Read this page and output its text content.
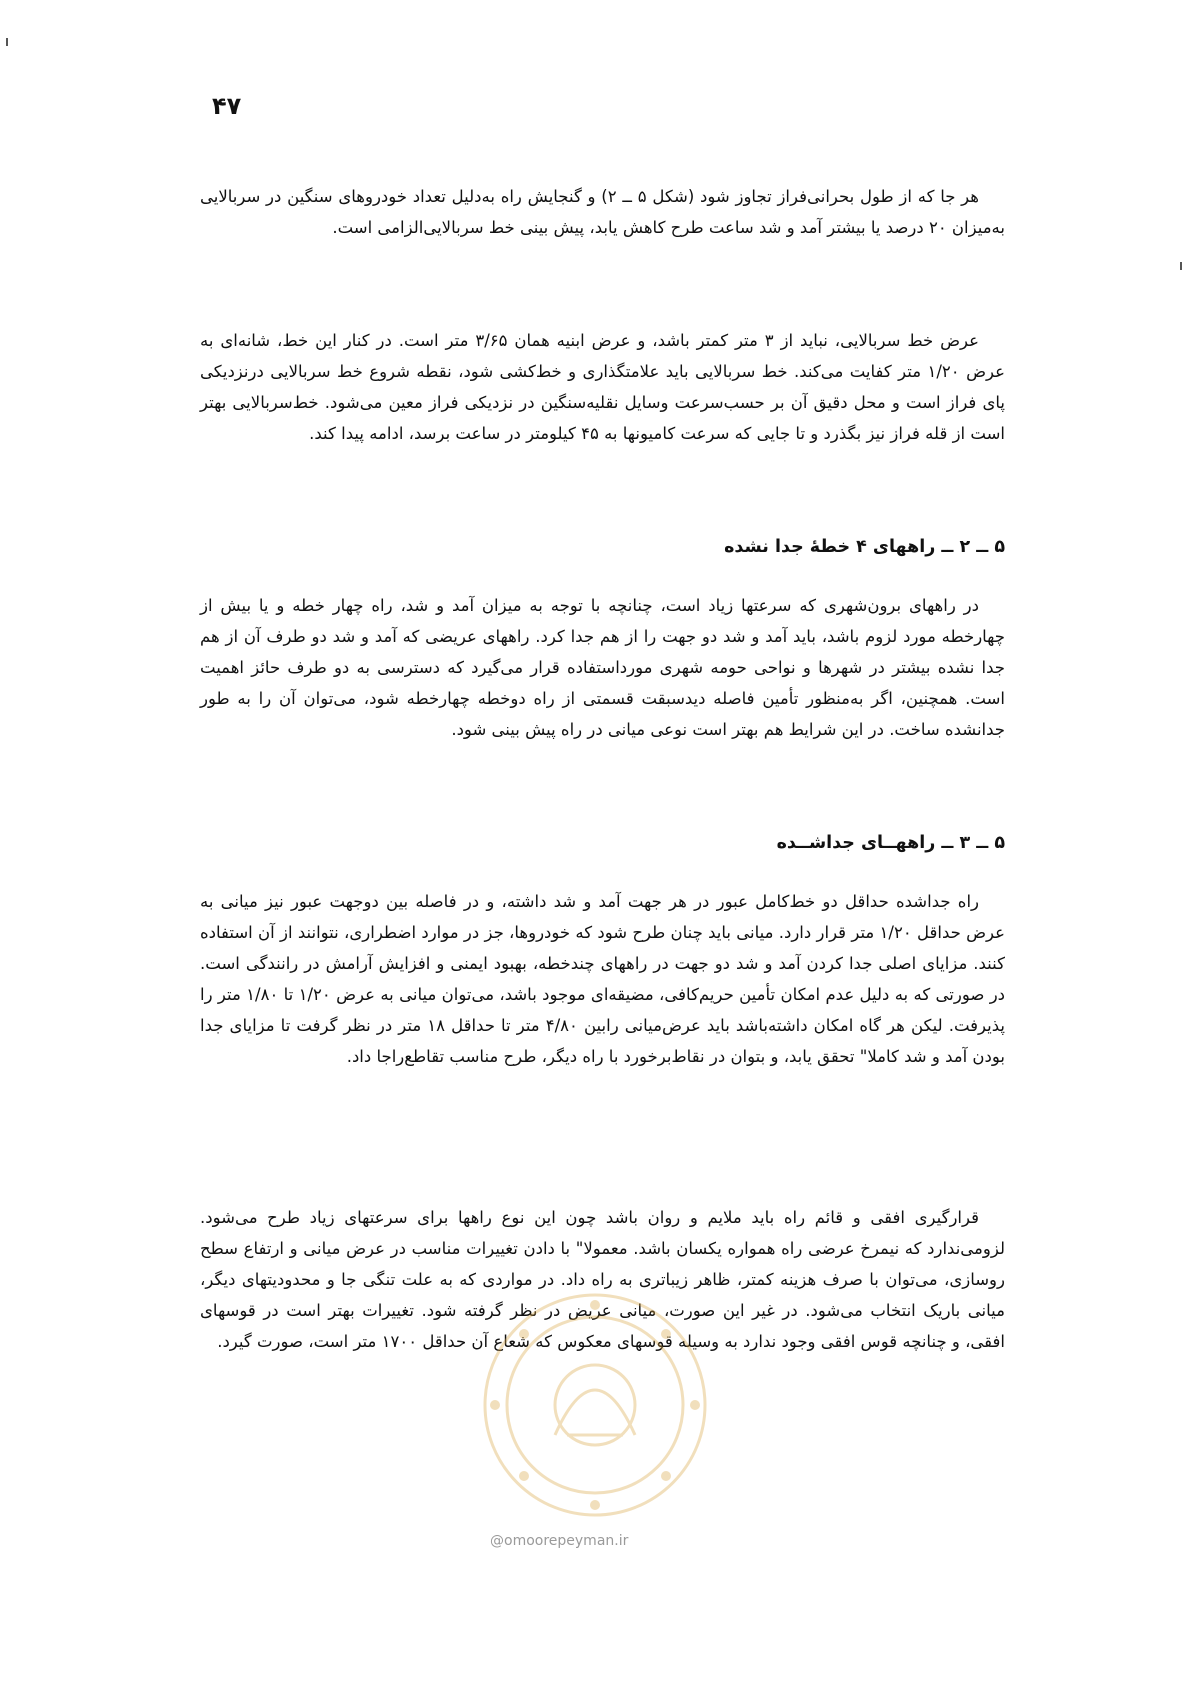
۴۷

هر جا که از طول بحرانی‌فراز تجاوز شود (شکل ۵ ــ ۲) و گنجایش راه به‌دلیل تعداد خودروهای سنگین در سربالایی به‌میزان ۲۰ درصد یا بیشتر آمد و شد ساعت طرح کاهش یابد، پیش بینی خط سربالایی‌الزامی است.

عرض خط سربالایی، نباید از ۳ متر کمتر باشد، و عرض ابنیه همان ۳/۶۵ متر است. در کنار این خط، شانه‌ای به عرض ۱/۲۰ متر کفایت می‌کند. خط سربالایی باید علامتگذاری و خط‌کشی شود، نقطه شروع خط سربالایی درنزدیکی پای فراز است و محل دقیق آن بر حسب‌سرعت وسایل نقلیه‌سنگین در نزدیکی فراز معین می‌شود. خط‌سربالایی بهتر است از قله فراز نیز بگذرد و تا جایی که سرعت کامیونها به ۴۵ کیلومتر در ساعت برسد، ادامه پیدا کند.

۵ ــ ۲ ــ راههای ۴ خطهٔ جدا نشده

در راههای برون‌شهری که سرعتها زیاد است، چنانچه با توجه به میزان آمد و شد، راه چهار خطه و یا بیش از چهارخطه مورد لزوم باشد، باید آمد و شد دو جهت را از هم جدا کرد. راههای عریضی که آمد و شد دو طرف آن از هم جدا نشده بیشتر در شهرها و نواحی حومه شهری مورداستفاده قرار می‌گیرد که دسترسی به دو طرف حائز اهمیت است. همچنین، اگر به‌منظور تأمین فاصله دیدسبقت قسمتی از راه دوخطه چهارخطه شود، می‌توان آن را به طور جدانشده ساخت. در این شرایط هم بهتر است نوعی میانی در راه پیش بینی شود.

۵ ــ ۳ ــ راههــای جداشــده

راه جداشده حداقل دو خط‌کامل عبور در هر جهت آمد و شد داشته، و در فاصله بین دوجهت عبور نیز میانی به عرض حداقل ۱/۲۰ متر قرار دارد. میانی باید چنان طرح شود که خودروها، جز در موارد اضطراری، نتوانند از آن استفاده کنند. مزایای اصلی جدا کردن آمد و شد دو جهت در راههای چندخطه، بهبود ایمنی و افزایش آرامش در رانندگی است. در صورتی که به دلیل عدم امکان تأمین حریم‌کافی، مضیقه‌ای موجود باشد، می‌توان میانی به عرض ۱/۲۰ تا ۱/۸۰ متر را پذیرفت. لیکن هر گاه امکان داشته‌باشد باید عرض‌میانی رابین ۴/۸۰ متر تا حداقل ۱۸ متر در نظر گرفت تا مزایای جدا بودن آمد و شد کاملا" تحقق یابد، و بتوان در نقاط‌برخورد با راه دیگر، طرح مناسب تقاطع‌راجا داد.

قرارگیری افقی و قائم راه باید ملایم و روان باشد چون این نوع راهها برای سرعتهای زیاد طرح می‌شود. لزومی‌ندارد که نیمرخ عرضی راه همواره یکسان باشد. معمولا" با دادن تغییرات مناسب در عرض میانی و ارتفاع سطح روسازی، می‌توان با صرف هزینه کمتر، ظاهر زیباتری به راه داد. در مواردی که به علت تنگی جا و محدودیتهای دیگر، میانی باریک انتخاب می‌شود. در غیر این صورت، میانی عریض در نظر گرفته شود. تغییرات بهتر است در قوسهای افقی، و چنانچه قوس افقی وجود ندارد به وسیله قوسهای معکوس که شعاع آن حداقل ۱۷۰۰ متر است، صورت گیرد.

@omoorepeyman.ir
